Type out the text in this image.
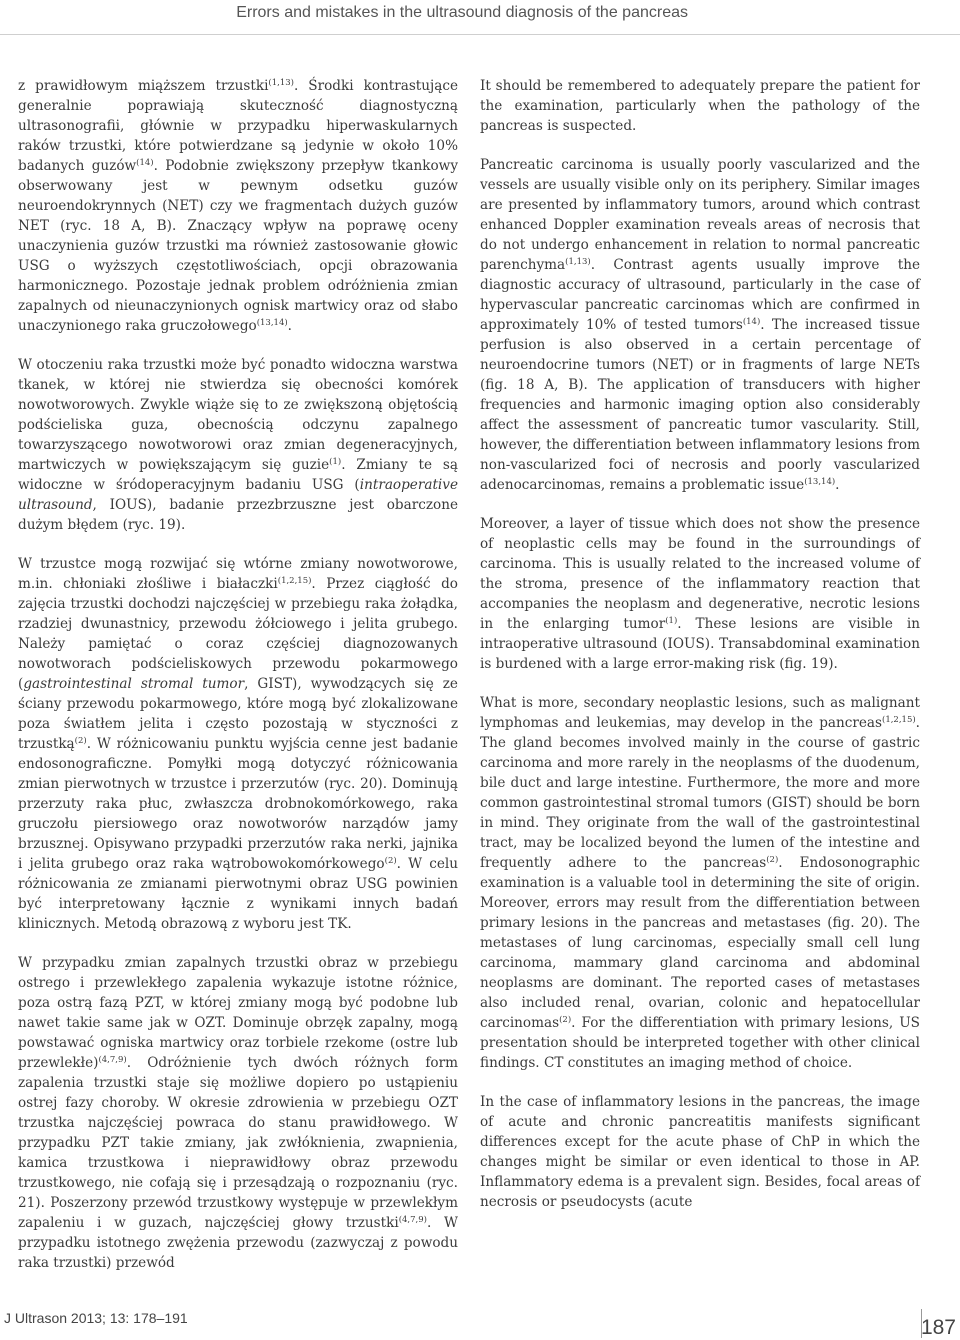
Errors and mistakes in the ultrasound diagnosis of the pancreas

z prawidłowym miąższem trzustki$^{(1,13)}$. Środki kontrastujące generalnie poprawiają skuteczność diagnostyczną ultrasonografii, głównie w przypadku hiperwaskularnych raków trzustki, które potwierdzane są jedynie w około 10% badanych guzów$^{(14)}$. Podobnie zwiększony przepływ tkankowy obserwowany jest w pewnym odsetku guzów neuroendokrynnych (NET) czy we fragmentach dużych guzów NET (ryc. 18 A, B). Znaczący wpływ na poprawę oceny unaczynienia guzów trzustki ma również zastosowanie głowic USG o wyższych częstotliwościach, opcji obrazowania harmonicznego. Pozostaje jednak problem odróżnienia zmian zapalnych od nieunaczynionych ognisk martwicy oraz od słabo unaczynionego raka gruczołowego$^{(13,14)}$.

W otoczeniu raka trzustki może być ponadto widoczna warstwa tkanek, w której nie stwierdza się obecności komórek nowotworowych. Zwykle wiąże się to ze zwiększoną objętością podścieliska guza, obecnością odczynu zapalnego towarzyszącego nowotworowi oraz zmian degeneracyjnych, martwiczych w powiększającym się guzie$^{(1)}$. Zmiany te są widoczne w śródoperacyjnym badaniu USG (intraoperative ultrasound, IOUS), badanie przezbrzuszne jest obarczone dużym błędem (ryc. 19).

W trzustce mogą rozwijać się wtórne zmiany nowotworowe, m.in. chłoniaki złośliwe i białaczki$^{(1,2,15)}$. Przez ciągłość do zajęcia trzustki dochodzi najczęściej w przebiegu raka żołądka, rzadziej dwunastnicy, przewodu żółciowego i jelita grubego. Należy pamiętać o coraz częściej diagnozowanych nowotworach podścieliskowych przewodu pokarmowego (gastrointestinal stromal tumor, GIST), wywodzących się ze ściany przewodu pokarmowego, które mogą być zlokalizowane poza światłem jelita i często pozostają w styczności z trzustką$^{(2)}$. W różnicowaniu punktu wyjścia cenne jest badanie endosonograficzne. Pomyłki mogą dotyczyć różnicowania zmian pierwotnych w trzustce i przerzutów (ryc. 20). Dominują przerzuty raka płuc, zwłaszcza drobnokomórkowego, raka gruczołu piersiowego oraz nowotworów narządów jamy brzusznej. Opisywano przypadki przerzutów raka nerki, jajnika i jelita grubego oraz raka wątrobowokomórkowego$^{(2)}$. W celu różnicowania ze zmianami pierwotnymi obraz USG powinien być interpretowany łącznie z wynikami innych badań klinicznych. Metodą obrazową z wyboru jest TK.

W przypadku zmian zapalnych trzustki obraz w przebiegu ostrego i przewlekłego zapalenia wykazuje istotne różnice, poza ostrą fazą PZT, w której zmiany mogą być podobne lub nawet takie same jak w OZT. Dominuje obrzęk zapalny, mogą powstawać ogniska martwicy oraz torbiele rzekome (ostre lub przewlekłe)$^{(4,7,9)}$. Odróżnienie tych dwóch różnych form zapalenia trzustki staje się możliwe dopiero po ustąpieniu ostrej fazy choroby. W okresie zdrowienia w przebiegu OZT trzustka najczęściej powraca do stanu prawidłowego. W przypadku PZT takie zmiany, jak zwłóknienia, zwapnienia, kamica trzustkowa i nieprawidłowy obraz przewodu trzustkowego, nie cofają się i przesądzają o rozpoznaniu (ryc. 21). Poszerzony przewód trzustkowy występuje w przewlekłym zapaleniu i w guzach, najczęściej głowy trzustki$^{(4,7,9)}$. W przypadku istotnego zwężenia przewodu (zazwyczaj z powodu raka trzustki) przewód

It should be remembered to adequately prepare the patient for the examination, particularly when the pathology of the pancreas is suspected.

Pancreatic carcinoma is usually poorly vascularized and the vessels are usually visible only on its periphery. Similar images are presented by inflammatory tumors, around which contrast enhanced Doppler examination reveals areas of necrosis that do not undergo enhancement in relation to normal pancreatic parenchyma$^{(1,13)}$. Contrast agents usually improve the diagnostic accuracy of ultrasound, particularly in the case of hypervascular pancreatic carcinomas which are confirmed in approximately 10% of tested tumors$^{(14)}$. The increased tissue perfusion is also observed in a certain percentage of neuroendocrine tumors (NET) or in fragments of large NETs (fig. 18 A, B). The application of transducers with higher frequencies and harmonic imaging option also considerably affect the assessment of pancreatic tumor vascularity. Still, however, the differentiation between inflammatory lesions from non-vascularized foci of necrosis and poorly vascularized adenocarcinomas, remains a problematic issue$^{(13,14)}$.

Moreover, a layer of tissue which does not show the presence of neoplastic cells may be found in the surroundings of carcinoma. This is usually related to the increased volume of the stroma, presence of the inflammatory reaction that accompanies the neoplasm and degenerative, necrotic lesions in the enlarging tumor$^{(1)}$. These lesions are visible in intraoperative ultrasound (IOUS). Transabdominal examination is burdened with a large error-making risk (fig. 19).

What is more, secondary neoplastic lesions, such as malignant lymphomas and leukemias, may develop in the pancreas$^{(1,2,15)}$. The gland becomes involved mainly in the course of gastric carcinoma and more rarely in the neoplasms of the duodenum, bile duct and large intestine. Furthermore, the more and more common gastrointestinal stromal tumors (GIST) should be born in mind. They originate from the wall of the gastrointestinal tract, may be localized beyond the lumen of the intestine and frequently adhere to the pancreas$^{(2)}$. Endosonographic examination is a valuable tool in determining the site of origin. Moreover, errors may result from the differentiation between primary lesions in the pancreas and metastases (fig. 20). The metastases of lung carcinomas, especially small cell lung carcinoma, mammary gland carcinoma and abdominal neoplasms are dominant. The reported cases of metastases also included renal, ovarian, colonic and hepatocellular carcinomas$^{(2)}$. For the differentiation with primary lesions, US presentation should be interpreted together with other clinical findings. CT constitutes an imaging method of choice.

In the case of inflammatory lesions in the pancreas, the image of acute and chronic pancreatitis manifests significant differences except for the acute phase of ChP in which the changes might be similar or even identical to those in AP. Inflammatory edema is a prevalent sign. Besides, focal areas of necrosis or pseudocysts (acute

J Ultrason 2013; 13: 178–191	187
